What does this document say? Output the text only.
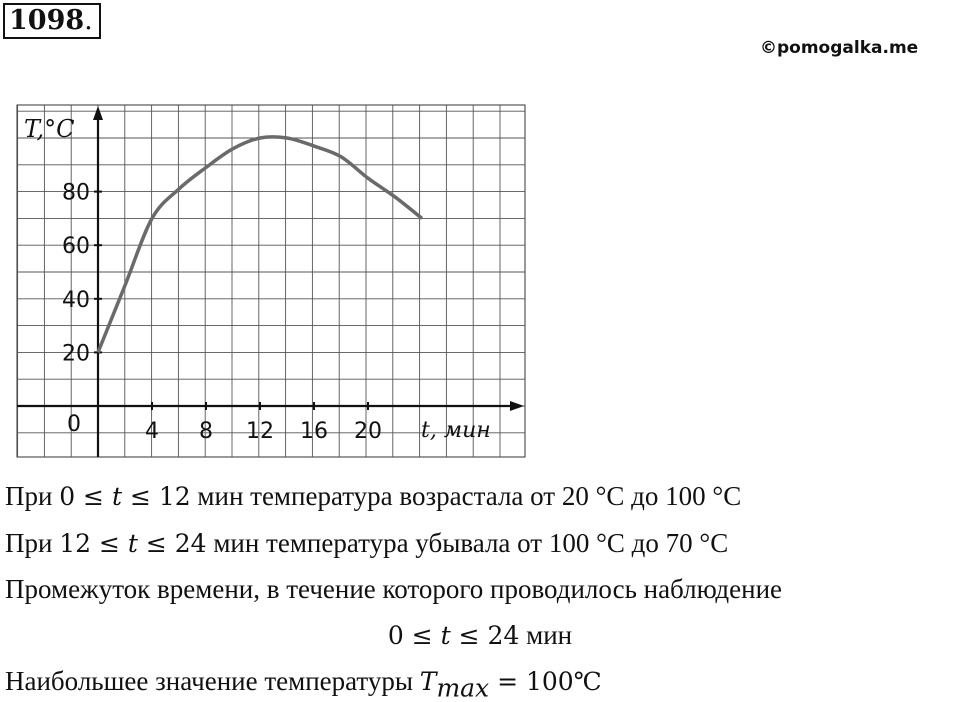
1098.
©pomogalka.me
T,°C
t, мин
20
40
60
80
4 8 12 16 20
0
При 0 ≤ t ≤ 12 мин температура возрастала от 20 °С до 100 °С
При 12 ≤ t ≤ 24 мин температура убывала от 100 °С до 70 °С
Промежуток времени, в течение которого проводилось наблюдение
0 ≤ t ≤ 24 мин
Наибольшее значение температуры $T_{max}$ = 100℃
